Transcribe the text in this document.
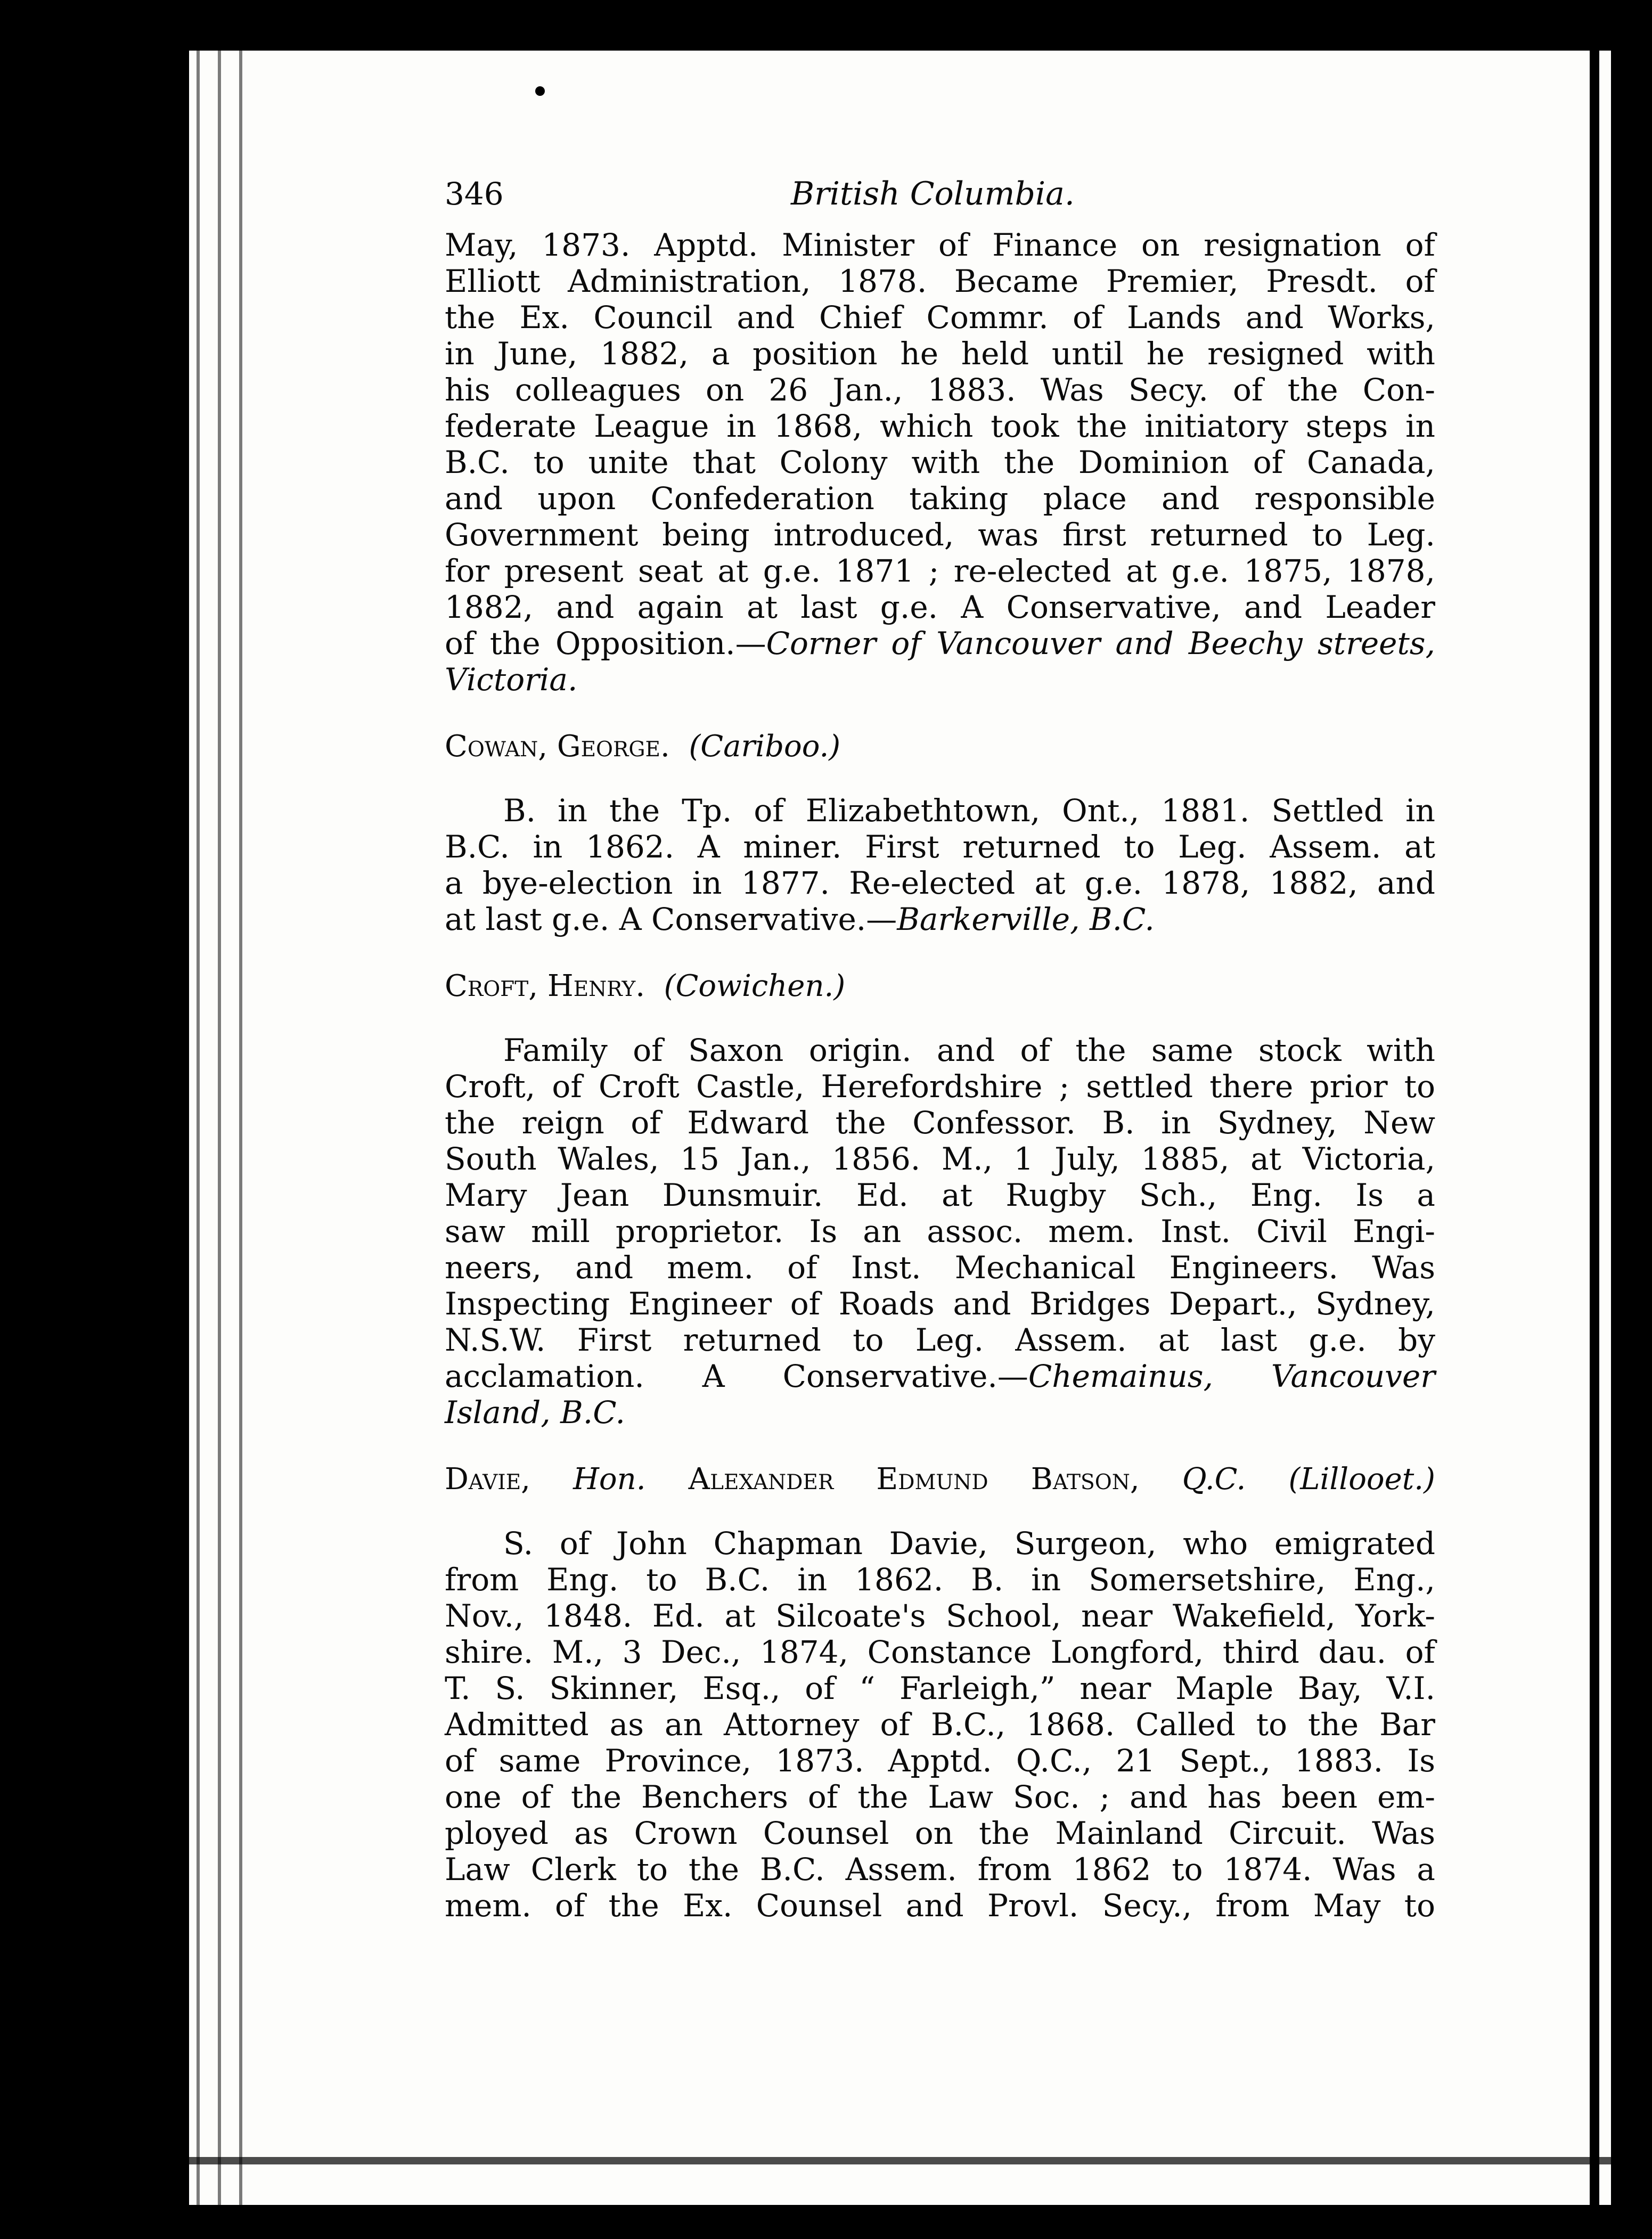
346	British Columbia.
May, 1873. Apptd. Minister of Finance on resignation of
Elliott Administration, 1878. Became Premier, Presdt. of
the Ex. Council and Chief Commr. of Lands and Works,
in June, 1882, a position he held until he resigned with
his colleagues on 26 Jan., 1883. Was Secy. of the Con-
federate League in 1868, which took the initiatory steps in
B.C. to unite that Colony with the Dominion of Canada,
and upon Confederation taking place and responsible
Government being introduced, was first returned to Leg.
for present seat at g.e. 1871 ; re-elected at g.e. 1875, 1878,
1882, and again at last g.e. A Conservative, and Leader
of the Opposition.—Corner of Vancouver and Beechy streets,
Victoria.
Cowan, George. (Cariboo.)
B. in the Tp. of Elizabethtown, Ont., 1881. Settled in
B.C. in 1862. A miner. First returned to Leg. Assem. at
a bye-election in 1877. Re-elected at g.e. 1878, 1882, and
at last g.e. A Conservative.—Barkerville, B.C.
Croft, Henry. (Cowichen.)
Family of Saxon origin. and of the same stock with
Croft, of Croft Castle, Herefordshire ; settled there prior to
the reign of Edward the Confessor. B. in Sydney, New
South Wales, 15 Jan., 1856. M., 1 July, 1885, at Victoria,
Mary Jean Dunsmuir. Ed. at Rugby Sch., Eng. Is a
saw mill proprietor. Is an assoc. mem. Inst. Civil Engi-
neers, and mem. of Inst. Mechanical Engineers. Was
Inspecting Engineer of Roads and Bridges Depart., Sydney,
N.S.W. First returned to Leg. Assem. at last g.e. by
acclamation. A Conservative.—Chemainus, Vancouver
Island, B.C.
Davie, Hon. Alexander Edmund Batson, Q.C. (Lillooet.)
S. of John Chapman Davie, Surgeon, who emigrated
from Eng. to B.C. in 1862. B. in Somersetshire, Eng.,
Nov., 1848. Ed. at Silcoate's School, near Wakefield, York-
shire. M., 3 Dec., 1874, Constance Longford, third dau. of
T. S. Skinner, Esq., of “ Farleigh,” near Maple Bay, V.I.
Admitted as an Attorney of B.C., 1868. Called to the Bar
of same Province, 1873. Apptd. Q.C., 21 Sept., 1883. Is
one of the Benchers of the Law Soc. ; and has been em-
ployed as Crown Counsel on the Mainland Circuit. Was
Law Clerk to the B.C. Assem. from 1862 to 1874. Was a
mem. of the Ex. Counsel and Provl. Secy., from May to
